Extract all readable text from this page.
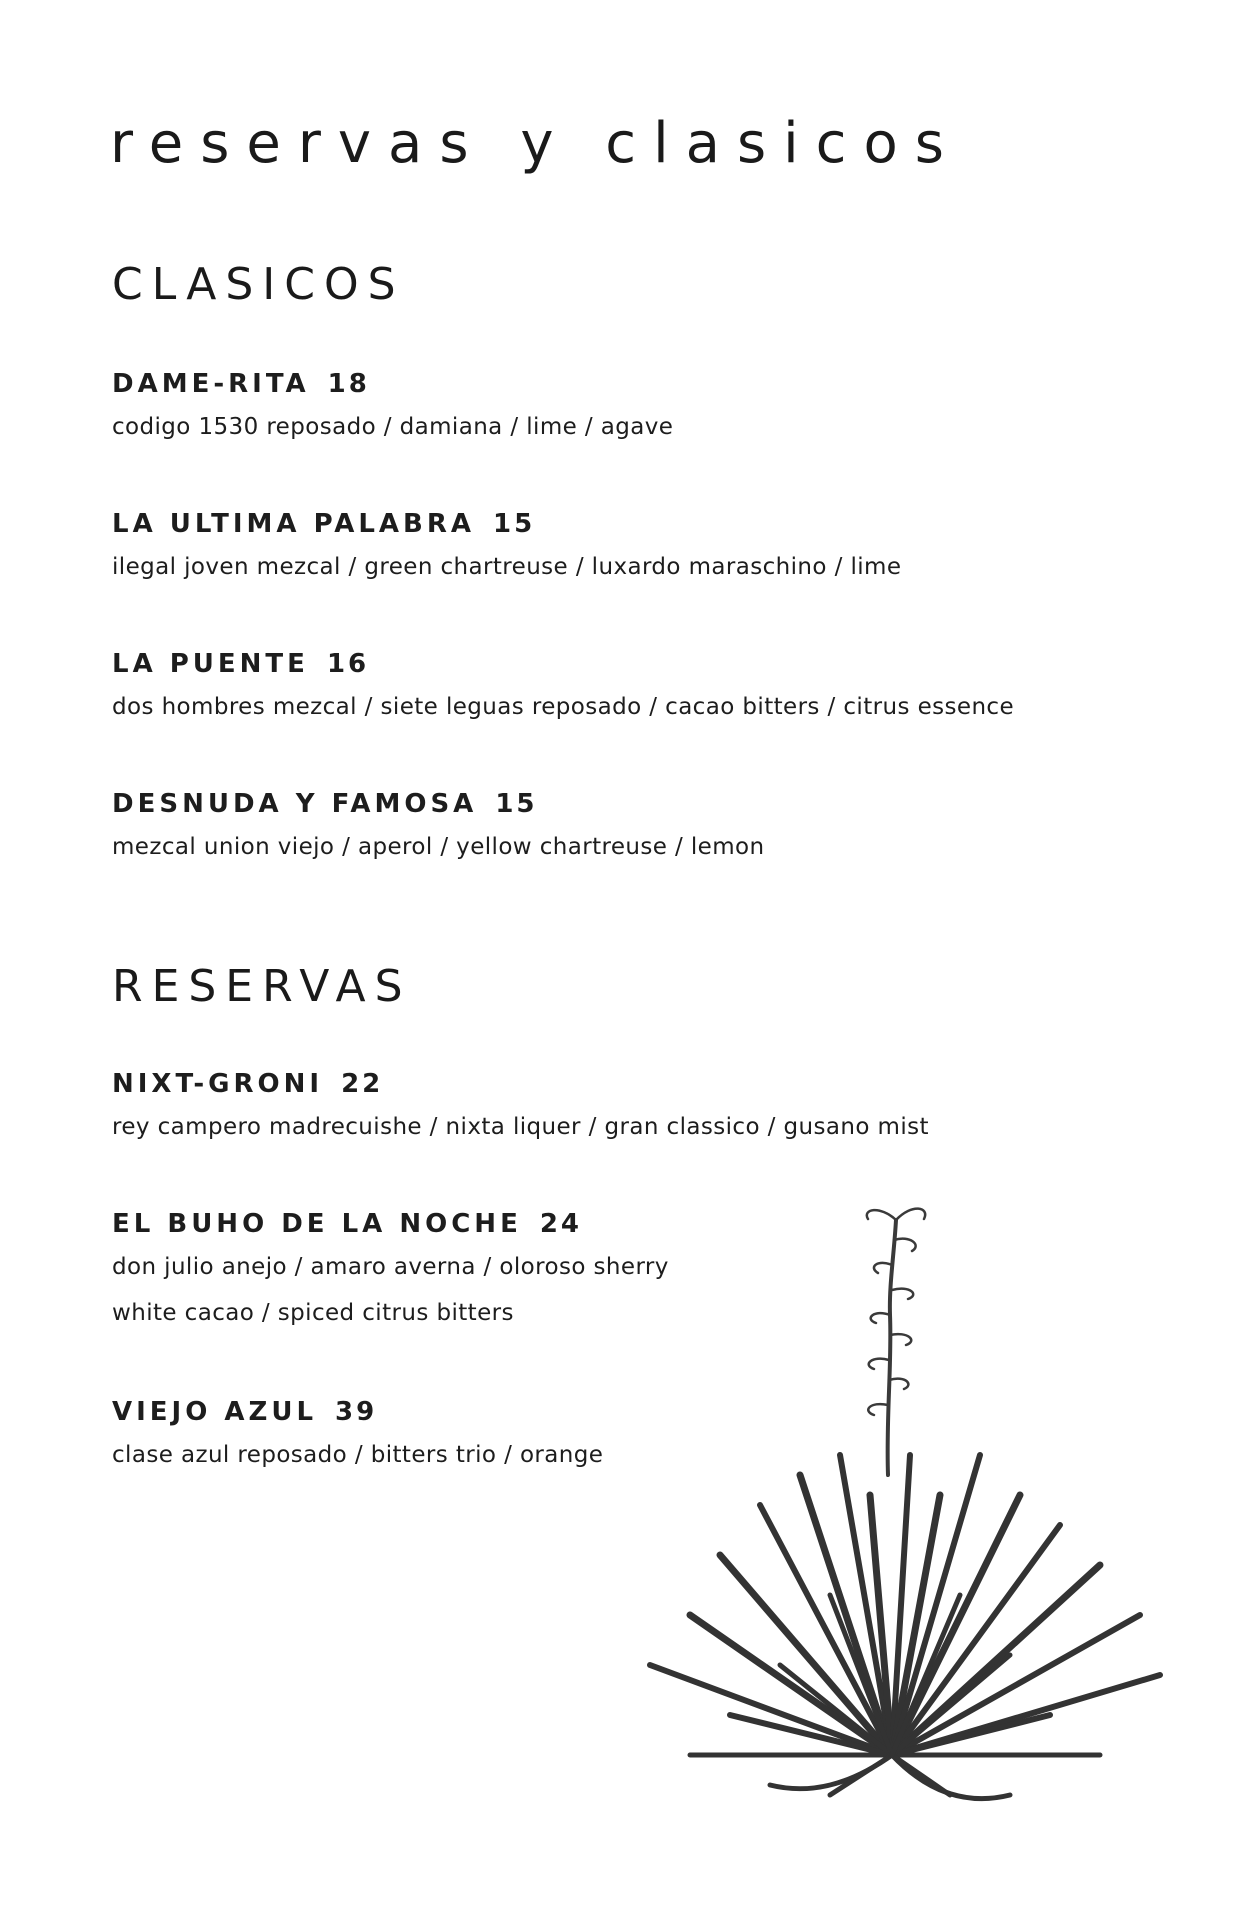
reservas y clasicos
CLASICOS
DAME-RITA 18
codigo 1530 reposado / damiana / lime / agave
LA ULTIMA PALABRA 15
ilegal joven mezcal / green chartreuse / luxardo maraschino / lime
LA PUENTE 16
dos hombres mezcal / siete leguas reposado / cacao bitters / citrus essence
DESNUDA Y FAMOSA 15
mezcal union viejo / aperol / yellow chartreuse / lemon
RESERVAS
NIXT-GRONI 22
rey campero madrecuishe / nixta liquer / gran classico / gusano mist
EL BUHO DE LA NOCHE 24
don julio anejo / amaro averna / oloroso sherry
white cacao / spiced citrus bitters
VIEJO AZUL 39
clase azul reposado / bitters trio / orange
